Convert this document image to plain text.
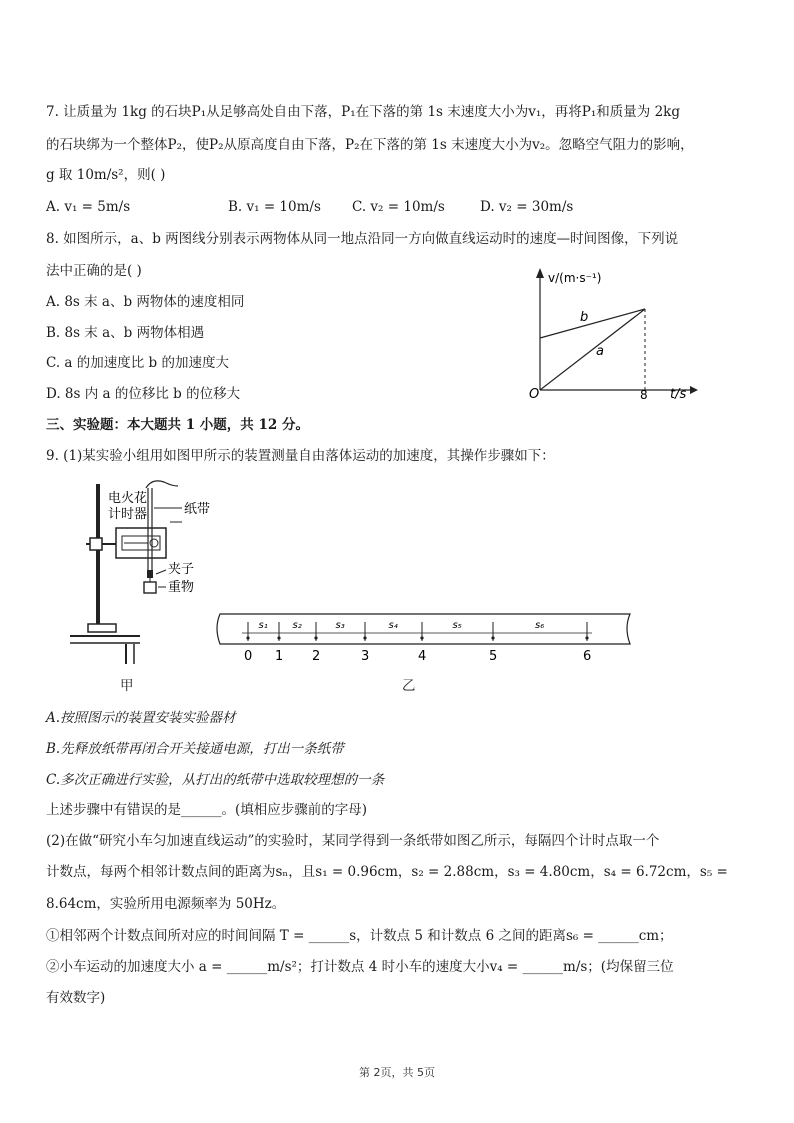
7. 让质量为 1kg 的石块P₁从足够高处自由下落，P₁在下落的第 1s 末速度大小为v₁，再将P₁和质量为 2kg
的石块绑为一个整体P₂，使P₂从原高度自由下落，P₂在下落的第 1s 末速度大小为v₂。忽略空气阻力的影响，
g 取 10m/s²，则( )
A. v₁ = 5m/s	B. v₁ = 10m/s C. v₂ = 10m/s	D. v₂ = 30m/s
8. 如图所示，a、b 两图线分别表示两物体从同一地点沿同一方向做直线运动时的速度—时间图像，下列说
法中正确的是( )
A. 8s 末 a、b 两物体的速度相同
B. 8s 末 a、b 两物体相遇
C. a 的加速度比 b 的加速度大
D. 8s 内 a 的位移比 b 的位移大
v/(m·s⁻¹)
t/s
O	8
a
b
三、实验题：本大题共 1 小题，共 12 分。
9. (1)某实验小组用如图甲所示的装置测量自由落体运动的加速度，其操作步骤如下：
电火花
计时器	纸带
夹子
重物
甲
0 1 2	3	4	5	6
s₁ s₂	s₃	s₄	s₅	s₆
乙
A.按照图示的装置安装实验器材
B.先释放纸带再闭合开关接通电源，打出一条纸带
C.多次正确进行实验，从打出的纸带中选取较理想的一条
上述步骤中有错误的是______。(填相应步骤前的字母)
(2)在做“研究小车匀加速直线运动”的实验时，某同学得到一条纸带如图乙所示，每隔四个计时点取一个
计数点，每两个相邻计数点间的距离为sₙ，且s₁ = 0.96cm，s₂ = 2.88cm，s₃ = 4.80cm，s₄ = 6.72cm，s₅ =
8.64cm，实验所用电源频率为 50Hz。
①相邻两个计数点间所对应的时间间隔 T = ______s，计数点 5 和计数点 6 之间的距离s₆ = ______cm；
②小车运动的加速度大小 a = ______m/s²；打计数点 4 时小车的速度大小v₄ = ______m/s；(均保留三位
有效数字)
第 2页，共 5页
